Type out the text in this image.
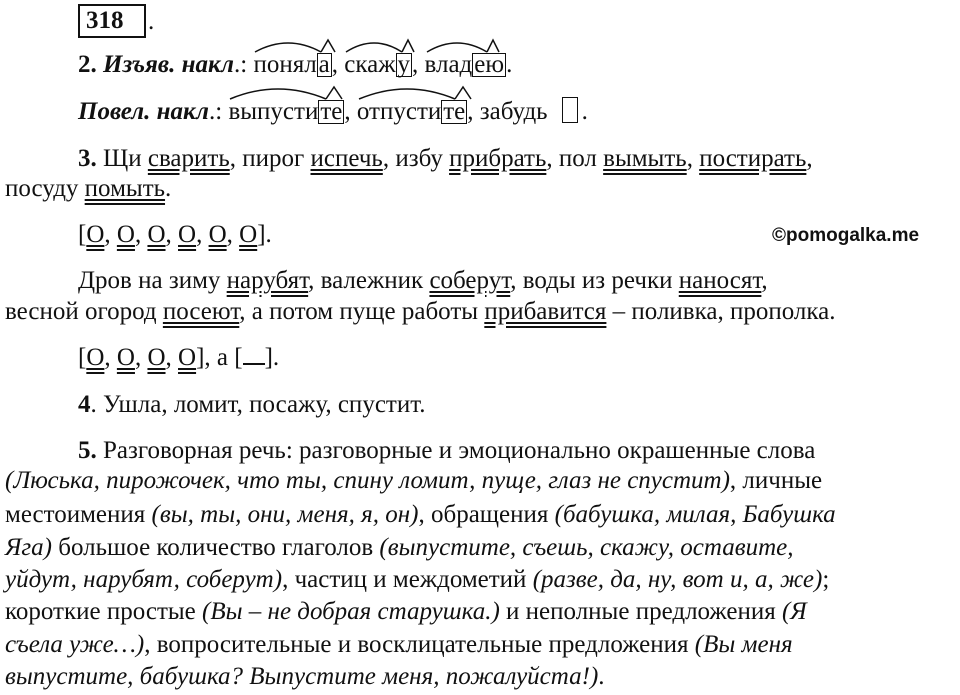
318 .
2. Изъяв. накл.:
поняла,
скажу,
владею.
Повел. накл.:
выпустите,
отпустите, забудь .
3. Щи сварить, пирог испечь, избу прибрать, пол вымыть, постирать,
посуду помыть.
[О, О, О, О, О, О].	©pomogalka.me
Дров на зиму нарубят, валежник соберут, воды из речки наносят,
весной огород посеют, а потом пуще работы прибавится – поливка, прополка.
[О, О, О, О], а [ ].
4. Ушла, ломит, посажу, спустит.
5. Разговорная речь: разговорные и эмоционально окрашенные слова
(Люська, пирожочек, что ты, спину ломит, пуще, глаз не спустит), личные
местоимения (вы, ты, они, меня, я, он), обращения (бабушка, милая, Бабушка
Яга) большое количество глаголов (выпустите, съешь, скажу, оставите,
уйдут, нарубят, соберут), частиц и междометий (разве, да, ну, вот и, а, же);
короткие простые (Вы – не добрая старушка.) и неполные предложения (Я
съела уже…), вопросительные и восклицательные предложения (Вы меня
выпустите, бабушка? Выпустите меня, пожалуйста!).
